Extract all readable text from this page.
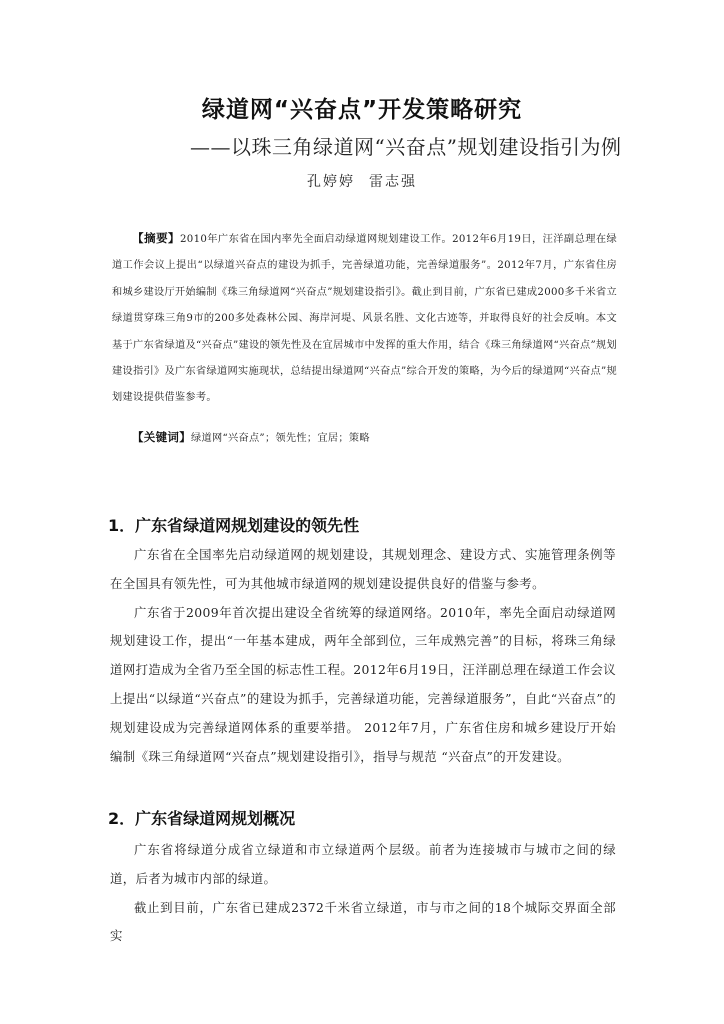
绿道网“兴奋点”开发策略研究
——以珠三角绿道网“兴奋点”规划建设指引为例
孔婷婷 雷志强
【摘要】2010年广东省在国内率先全面启动绿道网规划建设工作。2012年6月19日，汪洋副总理在绿道工作会议上提出“以绿道兴奋点的建设为抓手，完善绿道功能，完善绿道服务”。2012年7月，广东省住房和城乡建设厅开始编制《珠三角绿道网“兴奋点”规划建设指引》。截止到目前，广东省已建成2000多千米省立绿道贯穿珠三角9市的200多处森林公园、海岸河堤、风景名胜、文化古迹等，并取得良好的社会反响。本文基于广东省绿道及“兴奋点”建设的领先性及在宜居城市中发挥的重大作用，结合《珠三角绿道网“兴奋点”规划建设指引》及广东省绿道网实施现状，总结提出绿道网“兴奋点”综合开发的策略，为今后的绿道网“兴奋点”规划建设提供借鉴参考。
【关键词】绿道网“兴奋点”；领先性；宜居；策略
1．广东省绿道网规划建设的领先性

广东省在全国率先启动绿道网的规划建设，其规划理念、建设方式、实施管理条例等在全国具有领先性，可为其他城市绿道网的规划建设提供良好的借鉴与参考。

广东省于2009年首次提出建设全省统筹的绿道网络。2010年，率先全面启动绿道网规划建设工作，提出“一年基本建成，两年全部到位，三年成熟完善”的目标，将珠三角绿道网打造成为全省乃至全国的标志性工程。2012年6月19日，汪洋副总理在绿道工作会议上提出“以绿道“兴奋点”的建设为抓手，完善绿道功能，完善绿道服务”，自此“兴奋点”的规划建设成为完善绿道网体系的重要举措。 2012年7月，广东省住房和城乡建设厅开始编制《珠三角绿道网“兴奋点”规划建设指引》，指导与规范 “兴奋点”的开发建设。

2．广东省绿道网规划概况

广东省将绿道分成省立绿道和市立绿道两个层级。前者为连接城市与城市之间的绿道，后者为城市内部的绿道。

截止到目前，广东省已建成2372千米省立绿道，市与市之间的18个城际交界面全部实
